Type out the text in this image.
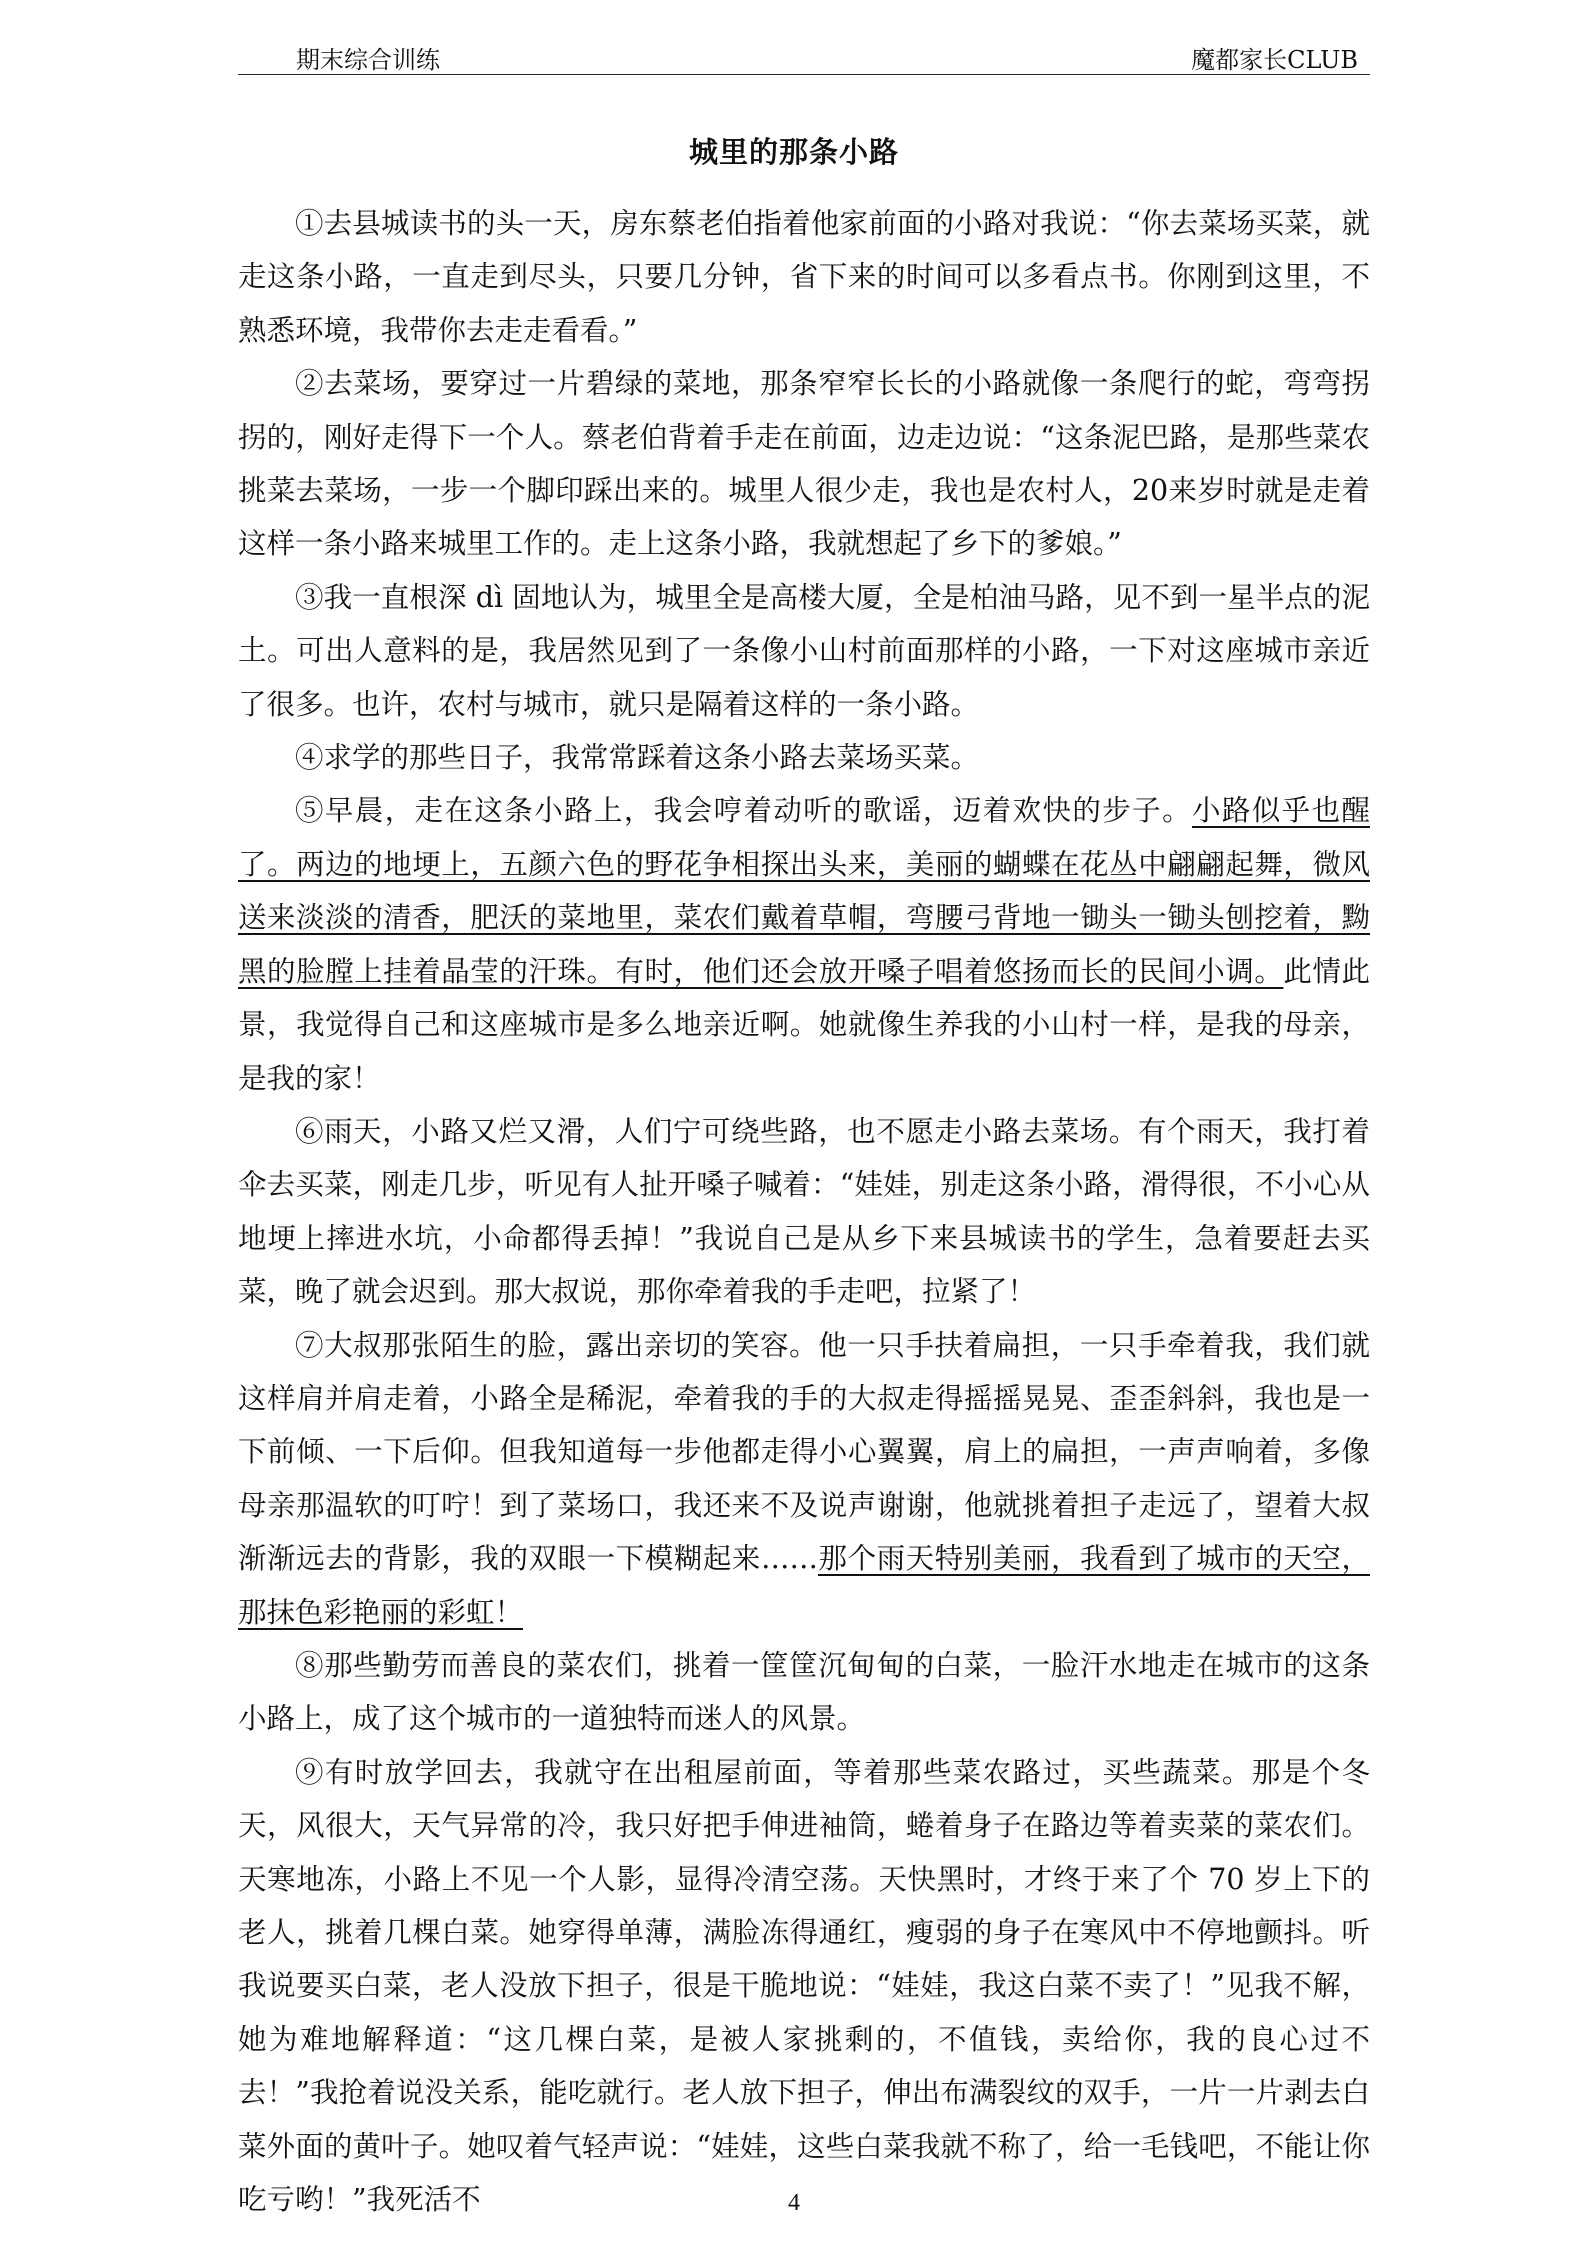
期末综合训练	魔都家长CLUB
城里的那条小路

①去县城读书的头一天，房东蔡老伯指着他家前面的小路对我说：“你去菜场买菜，就走这条小路，一直走到尽头，只要几分钟，省下来的时间可以多看点书。你刚到这里，不熟悉环境，我带你去走走看看。”

②去菜场，要穿过一片碧绿的菜地，那条窄窄长长的小路就像一条爬行的蛇，弯弯拐拐的，刚好走得下一个人。蔡老伯背着手走在前面，边走边说：“这条泥巴路，是那些菜农挑菜去菜场，一步一个脚印踩出来的。城里人很少走，我也是农村人，20来岁时就是走着这样一条小路来城里工作的。走上这条小路，我就想起了乡下的爹娘。”

③我一直根深 dì 固地认为，城里全是高楼大厦，全是柏油马路，见不到一星半点的泥土。可出人意料的是，我居然见到了一条像小山村前面那样的小路，一下对这座城市亲近了很多。也许，农村与城市，就只是隔着这样的一条小路。

④求学的那些日子，我常常踩着这条小路去菜场买菜。

⑤早晨，走在这条小路上，我会哼着动听的歌谣，迈着欢快的步子。小路似乎也醒了。两边的地埂上，五颜六色的野花争相探出头来，美丽的蝴蝶在花丛中翩翩起舞，微风送来淡淡的清香，肥沃的菜地里，菜农们戴着草帽，弯腰弓背地一锄头一锄头刨挖着，黝黑的脸膛上挂着晶莹的汗珠。有时，他们还会放开嗓子唱着悠扬而长的民间小调。此情此景，我觉得自己和这座城市是多么地亲近啊。她就像生养我的小山村一样，是我的母亲，是我的家！

⑥雨天，小路又烂又滑，人们宁可绕些路，也不愿走小路去菜场。有个雨天，我打着伞去买菜，刚走几步，听见有人扯开嗓子喊着：“娃娃，别走这条小路，滑得很，不小心从地埂上摔进水坑，小命都得丢掉！”我说自己是从乡下来县城读书的学生，急着要赶去买菜，晚了就会迟到。那大叔说，那你牵着我的手走吧，拉紧了！

⑦大叔那张陌生的脸，露出亲切的笑容。他一只手扶着扁担，一只手牵着我，我们就这样肩并肩走着，小路全是稀泥，牵着我的手的大叔走得摇摇晃晃、歪歪斜斜，我也是一下前倾、一下后仰。但我知道每一步他都走得小心翼翼，肩上的扁担，一声声响着，多像母亲那温软的叮咛！到了菜场口，我还来不及说声谢谢，他就挑着担子走远了，望着大叔渐渐远去的背影，我的双眼一下模糊起来……那个雨天特别美丽，我看到了城市的天空，那抹色彩艳丽的彩虹！

⑧那些勤劳而善良的菜农们，挑着一筐筐沉甸甸的白菜，一脸汗水地走在城市的这条小路上，成了这个城市的一道独特而迷人的风景。

⑨有时放学回去，我就守在出租屋前面，等着那些菜农路过，买些蔬菜。那是个冬天，风很大，天气异常的冷，我只好把手伸进袖筒，蜷着身子在路边等着卖菜的菜农们。天寒地冻，小路上不见一个人影，显得冷清空荡。天快黑时，才终于来了个 70 岁上下的老人，挑着几棵白菜。她穿得单薄，满脸冻得通红，瘦弱的身子在寒风中不停地颤抖。听我说要买白菜，老人没放下担子，很是干脆地说：“娃娃，我这白菜不卖了！”见我不解，她为难地解释道：“这几棵白菜，是被人家挑剩的，不值钱，卖给你，我的良心过不去！”我抢着说没关系，能吃就行。老人放下担子，伸出布满裂纹的双手，一片一片剥去白菜外面的黄叶子。她叹着气轻声说：“娃娃，这些白菜我就不称了，给一毛钱吧，不能让你吃亏哟！”我死活不	4
